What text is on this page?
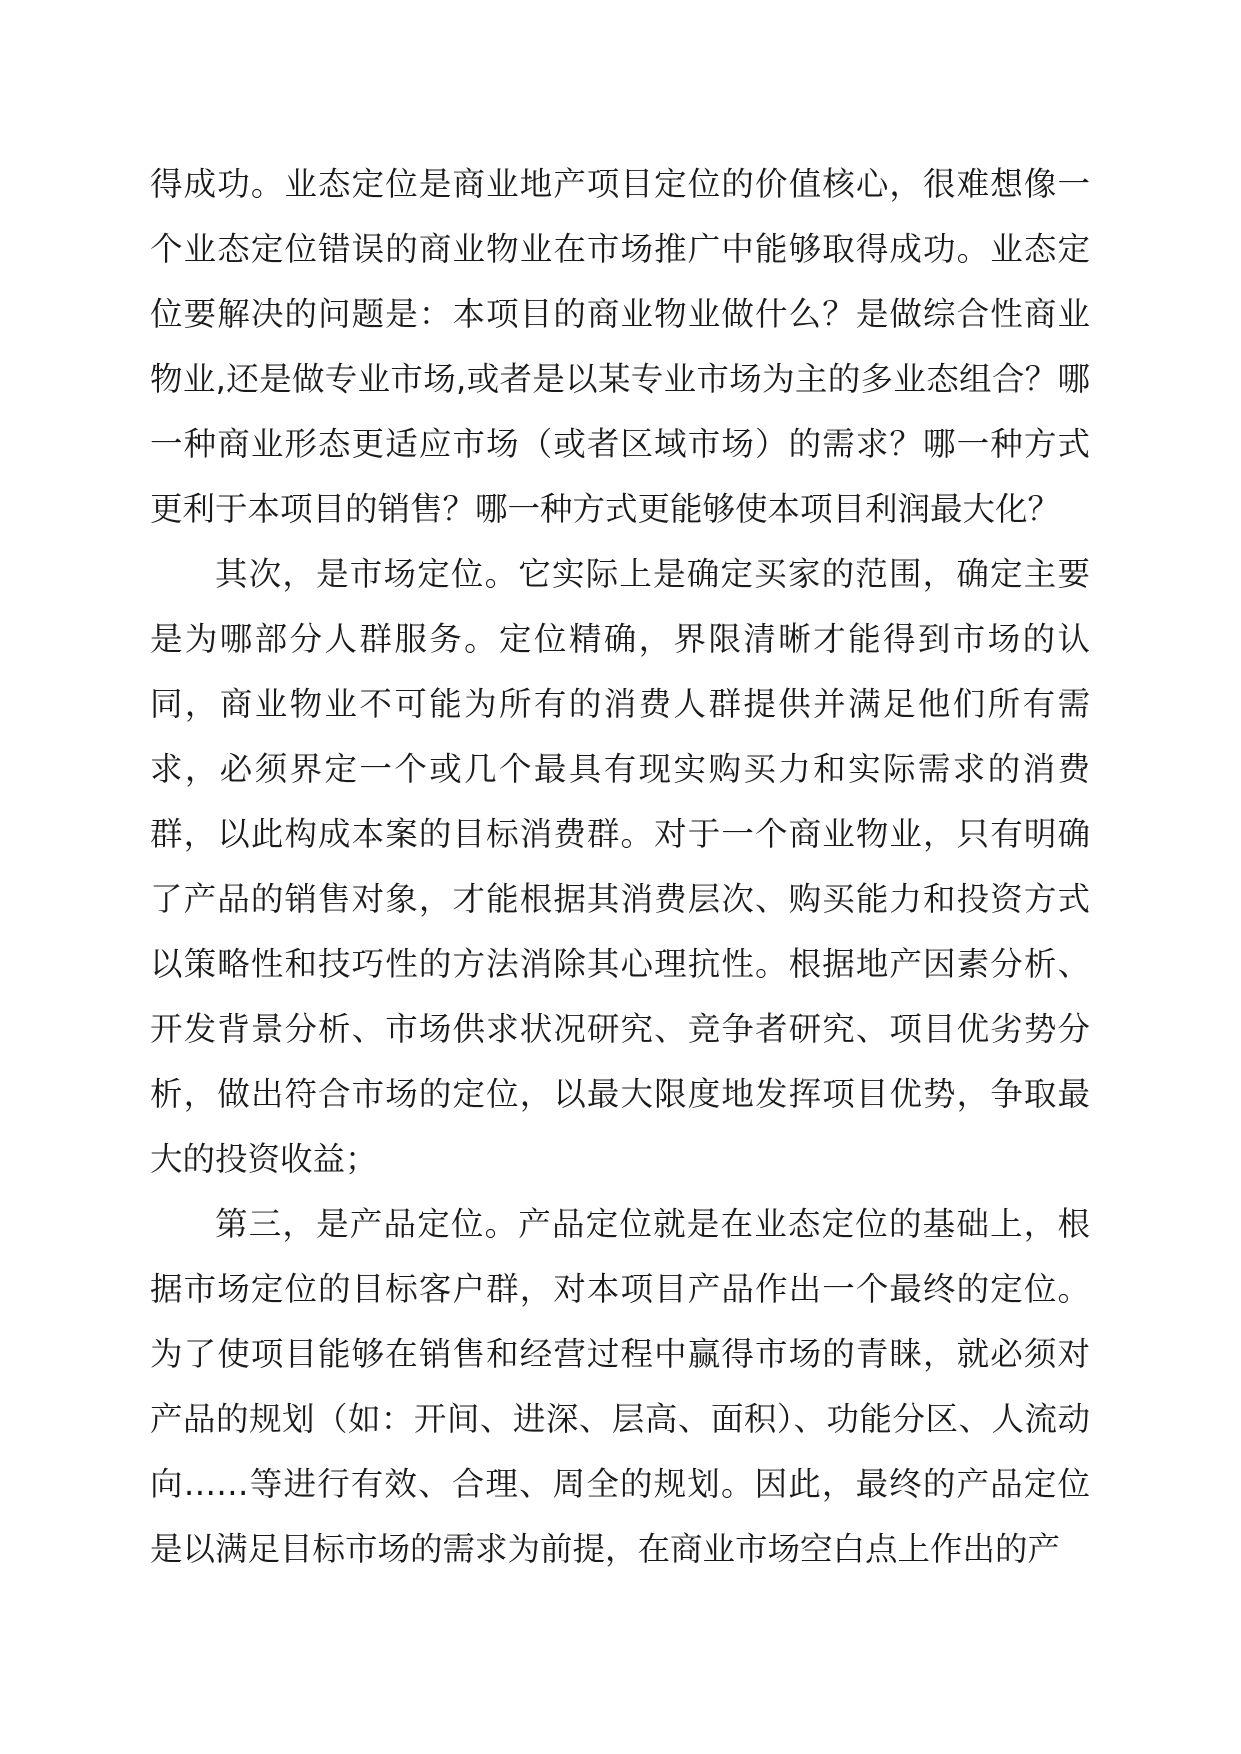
得成功。业态定位是商业地产项目定位的价值核心，很难想像一个业态定位错误的商业物业在市场推广中能够取得成功。业态定位要解决的问题是：本项目的商业物业做什么？是做综合性商业物业,还是做专业市场,或者是以某专业市场为主的多业态组合？哪一种商业形态更适应市场（或者区域市场）的需求？哪一种方式更利于本项目的销售？哪一种方式更能够使本项目利润最大化？

其次，是市场定位。它实际上是确定买家的范围，确定主要是为哪部分人群服务。定位精确，界限清晰才能得到市场的认同，商业物业不可能为所有的消费人群提供并满足他们所有需求，必须界定一个或几个最具有现实购买力和实际需求的消费群，以此构成本案的目标消费群。对于一个商业物业，只有明确了产品的销售对象，才能根据其消费层次、购买能力和投资方式以策略性和技巧性的方法消除其心理抗性。根据地产因素分析、开发背景分析、市场供求状况研究、竞争者研究、项目优劣势分析，做出符合市场的定位，以最大限度地发挥项目优势，争取最大的投资收益；

第三，是产品定位。产品定位就是在业态定位的基础上，根据市场定位的目标客户群，对本项目产品作出一个最终的定位。为了使项目能够在销售和经营过程中赢得市场的青睐，就必须对产品的规划（如：开间、进深、层高、面积）、功能分区、人流动向……等进行有效、合理、周全的规划。因此，最终的产品定位是以满足目标市场的需求为前提，在商业市场空白点上作出的产
